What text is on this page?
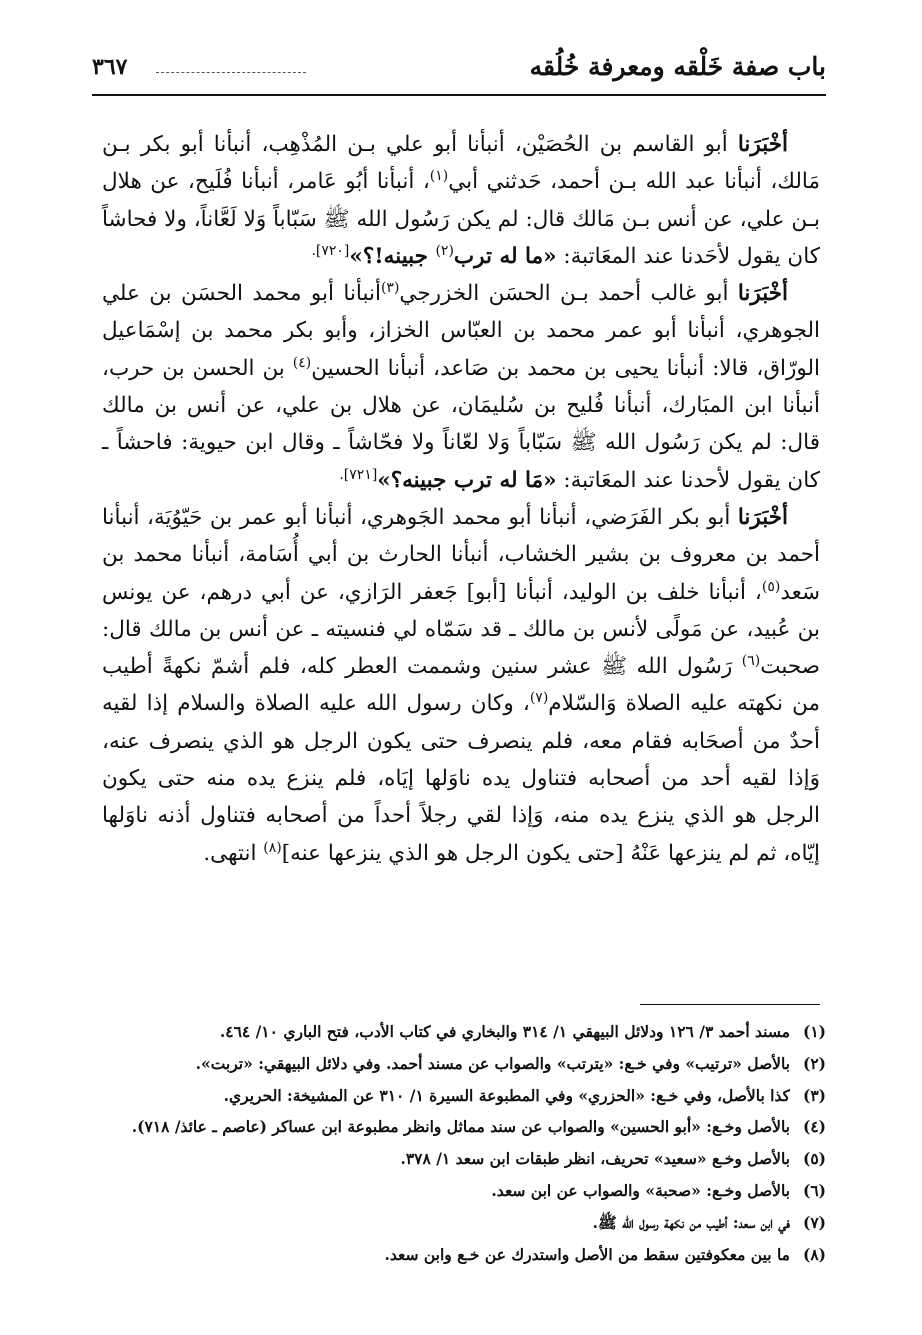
باب صفة خَلْقه ومعرفة خُلُقه
٣٦٧

أخْبَرَنا أبو القاسم بن الحُصَيْن، أنبأنا أبو علي بـن المُذْهِب، أنبأنا أبو بكر بـن مَالك، أنبأنا عبد الله بـن أحمد، حَدثني أبي$^{(١)}$، أنبأنا أبُو عَامر، أنبأنا فُلَيح، عن هلال بـن علي، عن أنس بـن مَالك قال: لم يكن رَسُول الله ﷺ سَبّاباً وَلا لَعَّاناً، ولا فحاشاً كان يقول لأحَدنا عند المعَاتبة: «ما له ترب$^{(٢)}$ جبينه!؟»$^{[٧٢٠].}$

أخْبَرَنا أبو غالب أحمد بـن الحسَن الخزرجي$^{(٣)}$أنبأنا أبو محمد الحسَن بن علي الجوهري، أنبأنا أبو عمر محمد بن العبّاس الخزاز، وأبو بكر محمد بن إسْمَاعيل الورّاق، قالا: أنبأنا يحيى بن محمد بن صَاعد، أنبأنا الحسين$^{(٤)}$ بن الحسن بن حرب، أنبأنا ابن المبَارك، أنبأنا فُليح بن سُليمَان، عن هلال بن علي، عن أنس بن مالك قال: لم يكن رَسُول الله ﷺ سَبّاباً وَلا لعّاناً ولا فحّاشاً ـ وقال ابن حيوية: فاحشاً ـ كان يقول لأحدنا عند المعَاتبة: «مَا له ترب جبينه؟»$^{[٧٢١].}$

أخْبَرَنا أبو بكر الفَرَضي، أنبأنا أبو محمد الجَوهري، أنبأنا أبو عمر بن حَيّوُيَة، أنبأنا أحمد بن معروف بن بشير الخشاب، أنبأنا الحارث بن أبي أُسَامة، أنبأنا محمد بن سَعد$^{(٥)}$، أنبأنا خلف بن الوليد، أنبأنا [أبو] جَعفر الرَازي، عن أبي درهم، عن يونس بن عُبيد، عن مَولًى لأنس بن مالك ـ قد سَمّاه لي فنسيته ـ عن أنس بن مالك قال: صحبت$^{(٦)}$ رَسُول الله ﷺ عشر سنين وشممت العطر كله، فلم أشمّ نكهةً أطيب من نكهته عليه الصلاة وَالسّلام$^{(٧)}$، وكان رسول الله عليه الصلاة والسلام إذا لقيه أحدٌ من أصحَابه فقام معه، فلم ينصرف حتى يكون الرجل هو الذي ينصرف عنه، وَإذا لقيه أحد من أصحابه فتناول يده ناوَلها إيَاه، فلم ينزع يده منه حتى يكون الرجل هو الذي ينزع يده منه، وَإذا لقي رجلاً أحداً من أصحابه فتناول أذنه ناوَلها إيّاه، ثم لم ينزعها عَنْهُ [حتى يكون الرجل هو الذي ينزعها عنه]$^{(٨)}$ انتهى.

(١)
مسند أحمد ٣/ ١٢٦ ودلائل البيهقي ١/ ٣١٤ والبخاري في كتاب الأدب، فتح الباري ١٠/ ٤٦٤.
(٢)
بالأصل «ترتيب» وفي خـع: «يترتب» والصواب عن مسند أحمد. وفي دلائل البيهقي: «تربت».
(٣)
كذا بالأصل، وفي خـع: «الحزري» وفي المطبوعة السيرة ١/ ٣١٠ عن المشيخة: الحريري.
(٤)
بالأصل وخـع: «أبو الحسين» والصواب عن سند مماثل وانظر مطبوعة ابن عساكر (عاصم ـ عائذ/ ٧١٨).
(٥)
بالأصل وخـع «سعيد» تحريف، انظر طبقات ابن سعد ١/ ٣٧٨.
(٦)
بالأصل وخـع: «صحبة» والصواب عن ابن سعد.
(٧)
في ابن سعد: أطيب من نكهة رسول الله ﷺ.
(٨)
ما بين معكوفتين سقط من الأصل واستدرك عن خـع وابن سعد.
